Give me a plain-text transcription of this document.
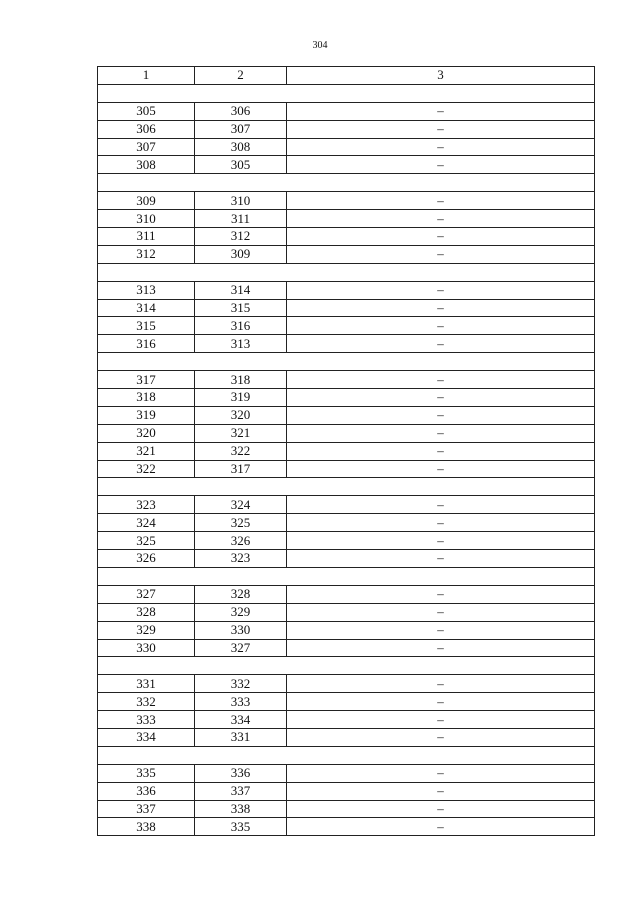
304
1	2	3

305	306	–
306	307	–
307	308	–
308	305	–

309	310	–
310	311	–
311	312	–
312	309	–

313	314	–
314	315	–
315	316	–
316	313	–

317	318	–
318	319	–
319	320	–
320	321	–
321	322	–
322	317	–

323	324	–
324	325	–
325	326	–
326	323	–

327	328	–
328	329	–
329	330	–
330	327	–

331	332	–
332	333	–
333	334	–
334	331	–

335	336	–
336	337	–
337	338	–
338	335	–
